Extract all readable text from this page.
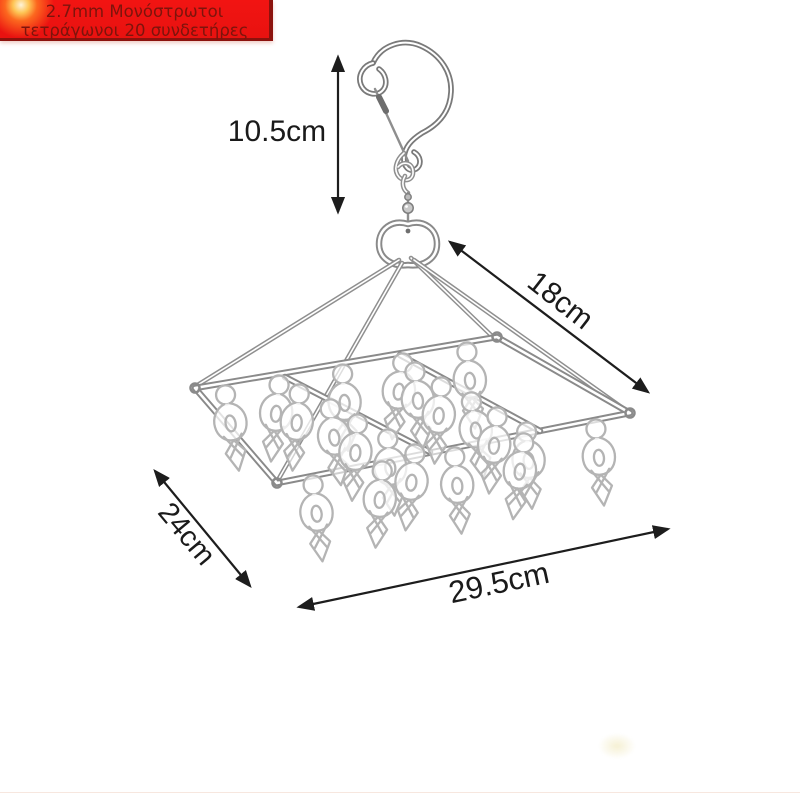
2.7mm Μονόστρωτοι
τετράγωνοι 20 συνδετήρες
10.5cm
18cm
24cm
29.5cm
